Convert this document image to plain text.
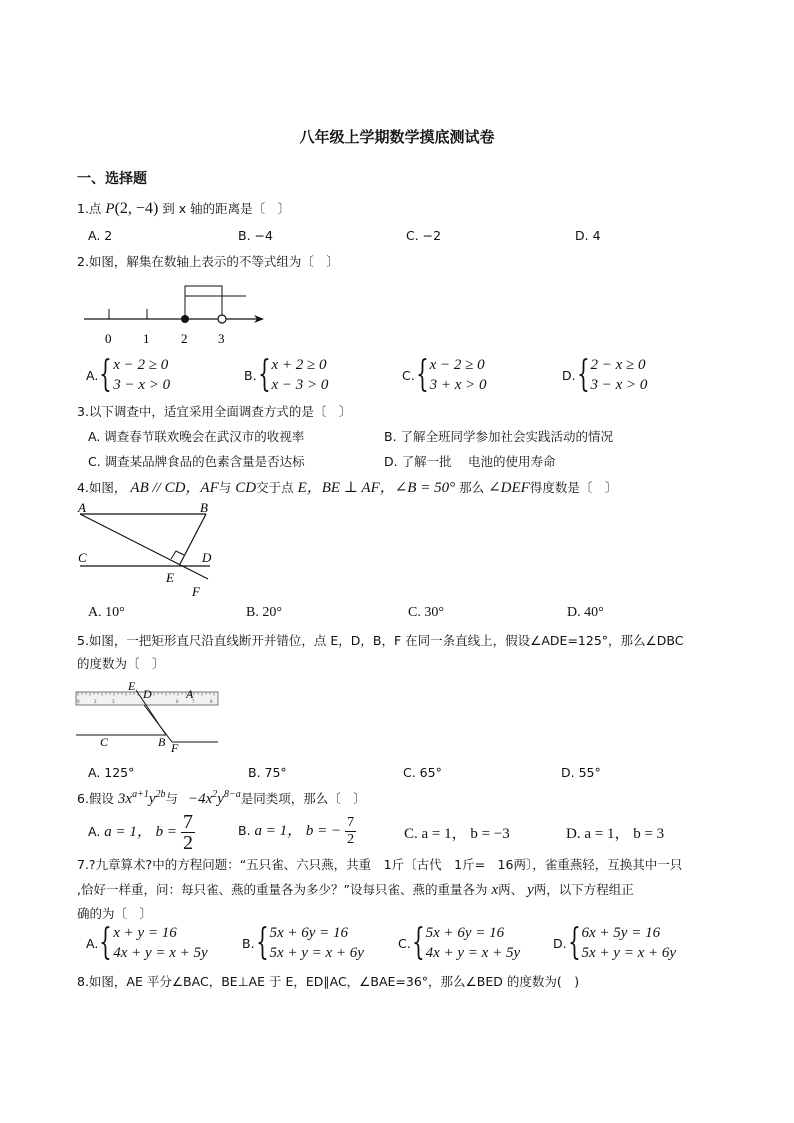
八年级上学期数学摸底测试卷
一、选择题
1.点 P(2, −4) 到 x 轴的距离是〔　〕
A. 2	B. −4	C. −2	D. 4
2.如图，解集在数轴上表示的不等式组为〔　〕
0 1 2 3
A. { x − 2 ≥ 0
3 − x > 0
B. { x + 2 ≥ 0
x − 3 > 0
C. { x − 2 ≥ 0
3 + x > 0
D. { 2 − x ≥ 0
3 − x > 0
3.以下调查中，适宜采用全面调查方式的是〔　〕
A. 调查春节联欢晚会在武汉市的收视率	B. 了解全班同学参加社会实践活动的情况
C. 调查某品牌食品的色素含量是否达标	D. 了解一批　 电池的使用寿命
4.如图， AB // CD，AF与 CD交于点 E，BE ⊥ AF，∠B = 50° 那么 ∠DEF得度数是〔　〕
A	B
C	D
E
F
A. 10°	B. 20°	C. 30°	D. 40°
5.如图，一把矩形直尺沿直线断开并错位，点 E，D，B，F 在同一条直线上，假设∠ADE=125°，那么∠DBC
的度数为〔　〕
0	2	3	6	7	8
E
D	A
C	B F
A. 125°	B. 75°	C. 65°	D. 55°
6.假设 $3x^{a+1}y^{2b}$与 $-4x^2y^{8-a}$是同类项，那么〔　〕
A. a = 1， $b = \frac{7}{2}$	B. a = 1， b = − $\frac{7}{2}$	C. a = 1， b = −3	D. a = 1， b = 3
7.?九章算术?中的方程问题：“五只雀、六只燕，共重　1斤〔古代　1斤=　16两〕，雀重燕轻，互换其中一只
,恰好一样重，问：每只雀、燕的重量各为多少？”设每只雀、燕的重量各为 x两、 y两，以下方程组正
确的为〔　〕
A. { x + y = 16
4x + y = x + 5y
B. { 5x + 6y = 16
5x + y = x + 6y
C. { 5x + 6y = 16
4x + y = x + 5y
D. { 6x + 5y = 16
5x + y = x + 6y
8.如图，AE 平分∠BAC，BE⊥AE 于 E，ED∥AC，∠BAE=36°，那么∠BED 的度数为(　)
